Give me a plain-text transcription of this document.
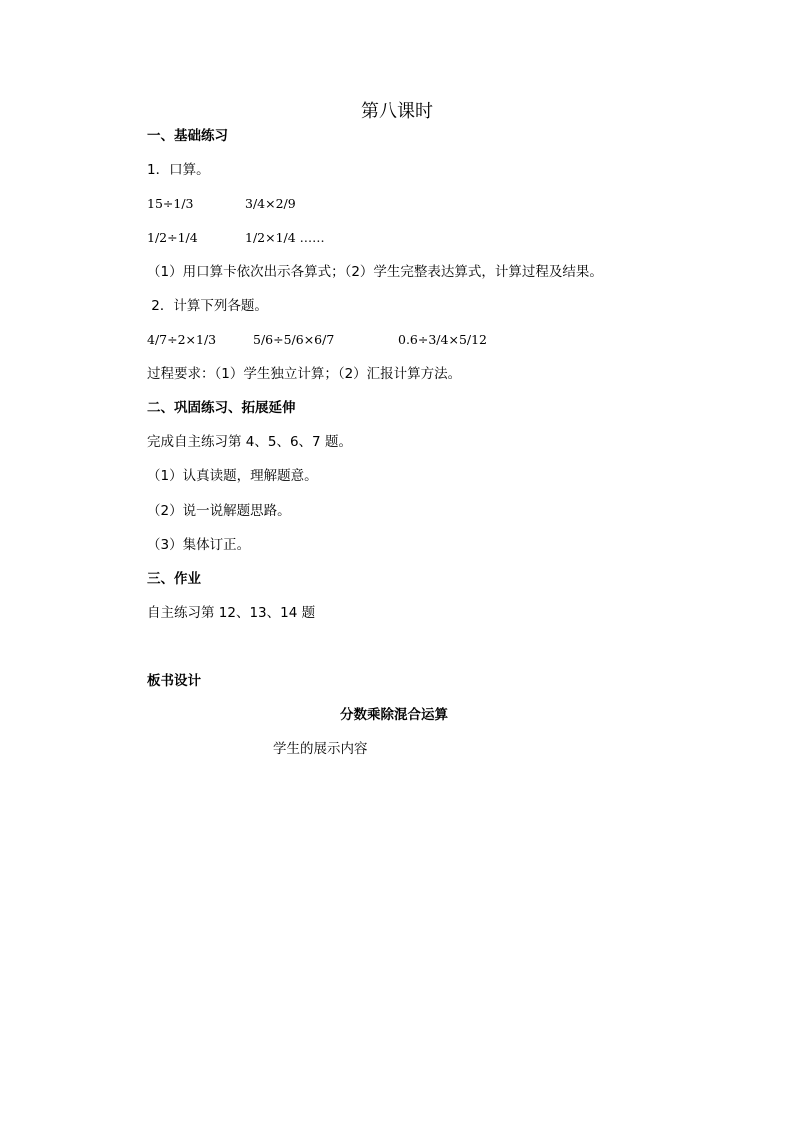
第八课时
一、基础练习
1．口算。
15÷1/3	3/4×2/9
1/2÷1/4	1/2×1/4 ……
（1）用口算卡依次出示各算式；（2）学生完整表达算式，计算过程及结果。
2．计算下列各题。
4/7÷2×1/3	5/6÷5/6×6/7	0.6÷3/4×5/12
过程要求：（1）学生独立计算；（2）汇报计算方法。
二、巩固练习、拓展延伸
完成自主练习第 4、5、6、7 题。
（1）认真读题，理解题意。
（2）说一说解题思路。
（3）集体订正。
三、作业
自主练习第 12、13、14 题
板书设计
分数乘除混合运算
学生的展示内容
